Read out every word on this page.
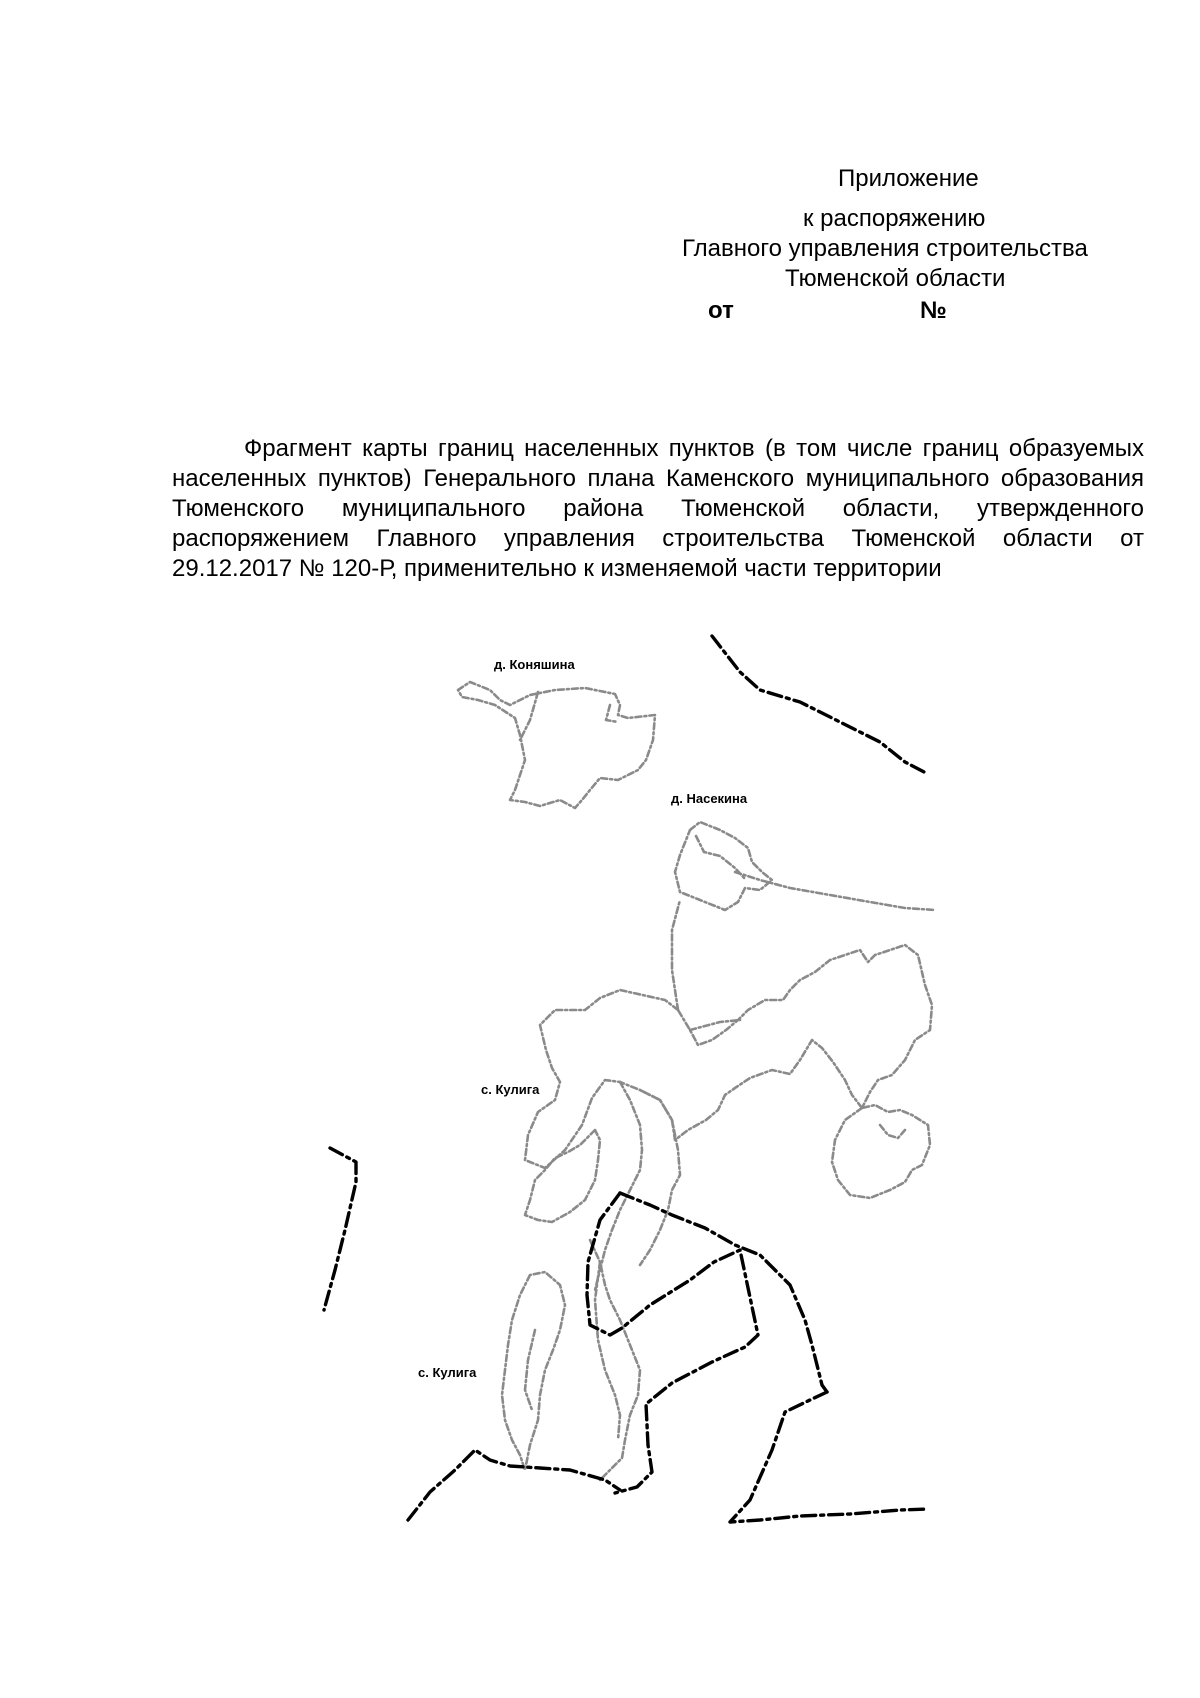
Приложение
к распоряжению
Главного управления строительства
Тюменской области
от	№

Фрагмент карты границ населенных пунктов (в том числе границ образуемых населенных пунктов) Генерального плана Каменского муниципального образования Тюменского муниципального района Тюменской области, утвержденного распоряжением Главного управления строительства Тюменской области от 29.12.2017 № 120-Р, применительно к изменяемой части территории

д. Коняшина
д. Насекина
с. Кулига
с. Кулига
